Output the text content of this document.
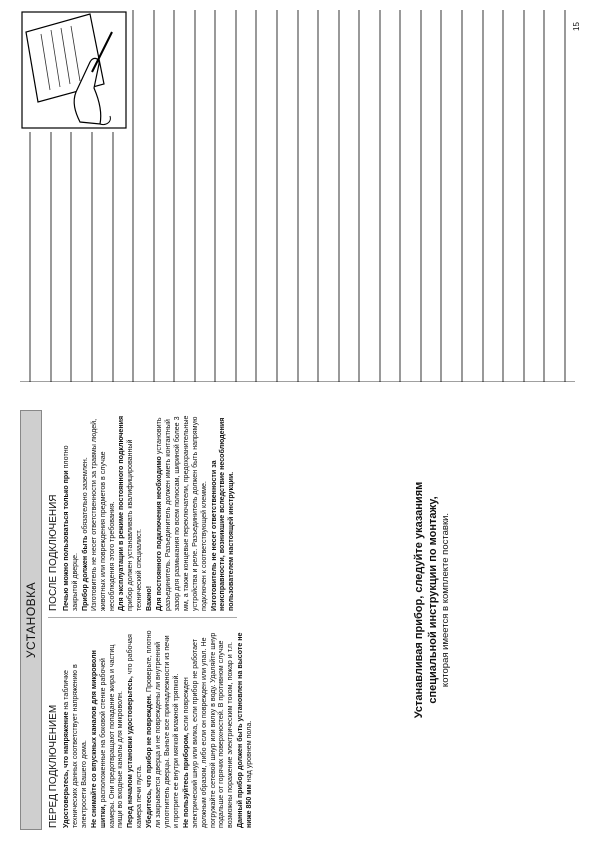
15
УСТАНОВКА
ПЕРЕД ПОДКЛЮЧЕНИЕМ Удостоверьтесь, что напряжение на табличке технических данных соответствует напряжению в электросети Вашего дома. Не снимайте со впускных каналов для микроволн шитки, расположенные на боковой стенке рабочей камеры. Они предотвращают попадание жира и частиц пищи во входные каналы для микроволн. Перед началом установки удостоверьтесь, что рабочая камера печи пуста. Убедитесь, что прибор не поврежден. Проверьте, плотно ли закрывается дверца и не повреждены ли внутренний уплотнитель дверцы. Выньте все принадлежности из печи и протрите ее внутри мягкой влажной тряпкой. Не пользуйтесь прибором, если поврежден электрический шнур или вилка, если прибор не работает должным образом, либо если он поврежден или упал. Не погружайте сетевой шнур или вилку в воду. Удаляйте шнур подальше от горячих поверхностей. В противном случае возможны поражение электрическим током, пожар и т.п. Данный прибор должен быть установлен на высоте не ниже 850 мм над уровнем пола.

ПОСЛЕ ПОДКЛЮЧЕНИЯ Печью можно пользоваться только при плотно закрытой дверце. Прибор должен быть обязательно заземлен. Изготовитель не несет ответственности за травмы людей, животных или повреждения предметов в случае несоблюдения этого требования. Для эксплуатации в режиме постоянного подключения прибор должен устанавливать квалифицированный технический специалист. Важно! Для постоянного подключения необходимо установить разъединитель. Разъединитель должен иметь контактный зазор для размыкания по всем полюсам, шириной более 3 мм, а также концевые переключатели, предохранительные устройства и реле. Разъединитель должен быть напрямую подключен к соответствующей клемме. Изготовитель не несет ответственности за неисправности, возникшие вследствие несоблюдения пользователем настоящей инструкции.	Устанавливая прибор, следуйте указаниям специальной инструкции по монтажу, которая имеется в комплекте поставки.
